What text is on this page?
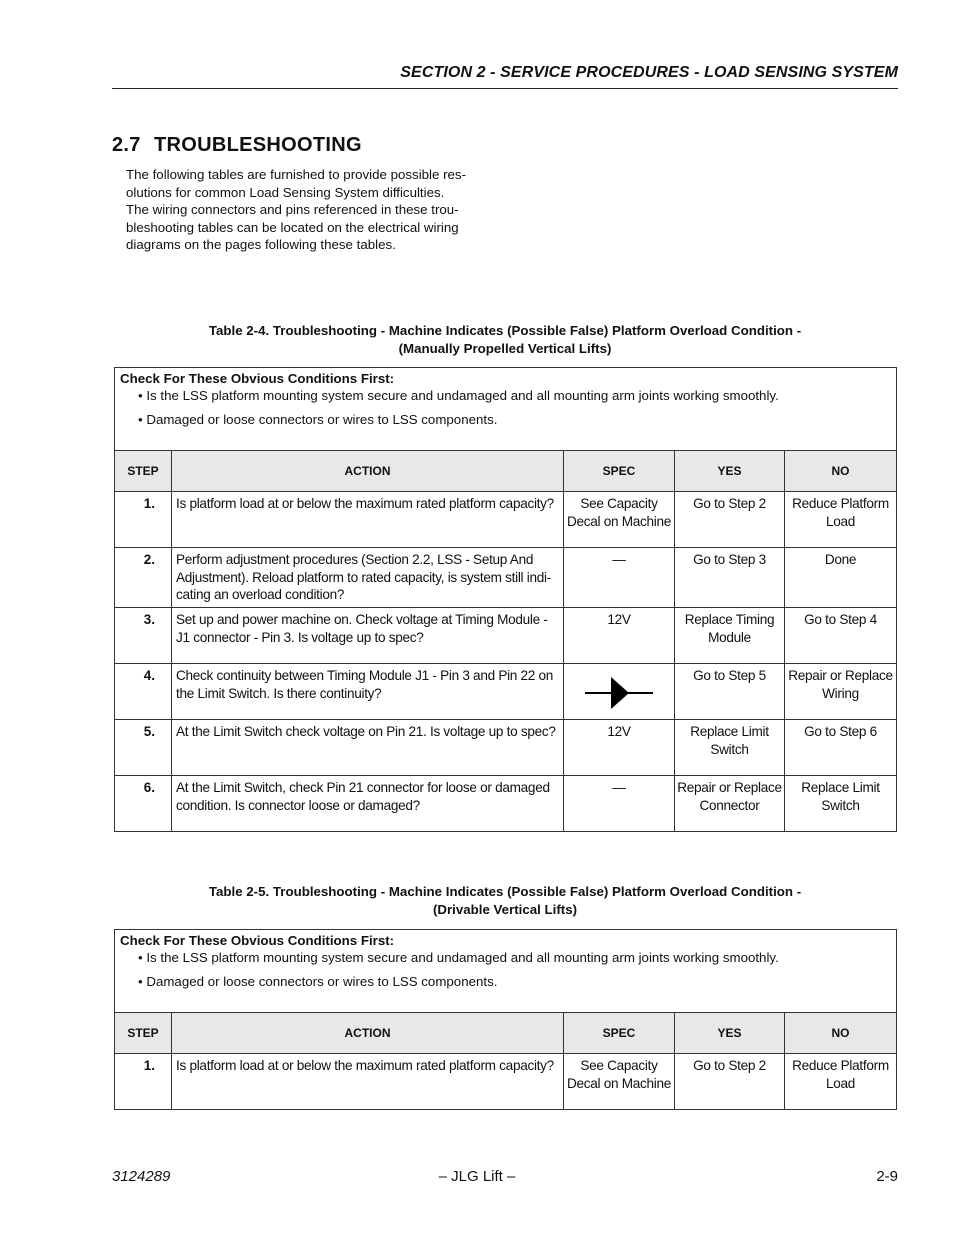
SECTION 2 - SERVICE PROCEDURES - LOAD SENSING SYSTEM
2.7 TROUBLESHOOTING
The following tables are furnished to provide possible res-
olutions for common Load Sensing System difficulties.
The wiring connectors and pins referenced in these trou-
bleshooting tables can be located on the electrical wiring
diagrams on the pages following these tables.
Table 2-4. Troubleshooting - Machine Indicates (Possible False) Platform Overload Condition -
(Manually Propelled Vertical Lifts)
Check For These Obvious Conditions First:
• Is the LSS platform mounting system secure and undamaged and all mounting arm joints working smoothly.
• Damaged or loose connectors or wires to LSS components.				

STEP	ACTION	SPEC	YES	NO
1.	Is platform load at or below the maximum rated platform capacity?	See Capacity Decal on Machine	Go to Step 2	Reduce Platform Load
2.	Perform adjustment procedures (Section 2.2, LSS - Setup And Adjustment). Reload platform to rated capacity, is system still indi-cating an overload condition?	—	Go to Step 3	Done
3.	Set up and power machine on. Check voltage at Timing Module - J1 connector - Pin 3. Is voltage up to spec?	12V	Replace Timing Module	Go to Step 4
4.	Check continuity between Timing Module J1 - Pin 3 and Pin 22 on the Limit Switch. Is there continuity?		Go to Step 5	Repair or Replace Wiring
5.	At the Limit Switch check voltage on Pin 21. Is voltage up to spec?	12V	Replace Limit Switch	Go to Step 6
6.	At the Limit Switch, check Pin 21 connector for loose or damaged condition. Is connector loose or damaged?	—	Repair or Replace Connector	Replace Limit Switch
Table 2-5. Troubleshooting - Machine Indicates (Possible False) Platform Overload Condition -
(Drivable Vertical Lifts)
Check For These Obvious Conditions First:
• Is the LSS platform mounting system secure and undamaged and all mounting arm joints working smoothly.
• Damaged or loose connectors or wires to LSS components.				

STEP	ACTION	SPEC	YES	NO
1.	Is platform load at or below the maximum rated platform capacity?	See Capacity Decal on Machine	Go to Step 2	Reduce Platform Load
3124289	– JLG Lift –	2-9
